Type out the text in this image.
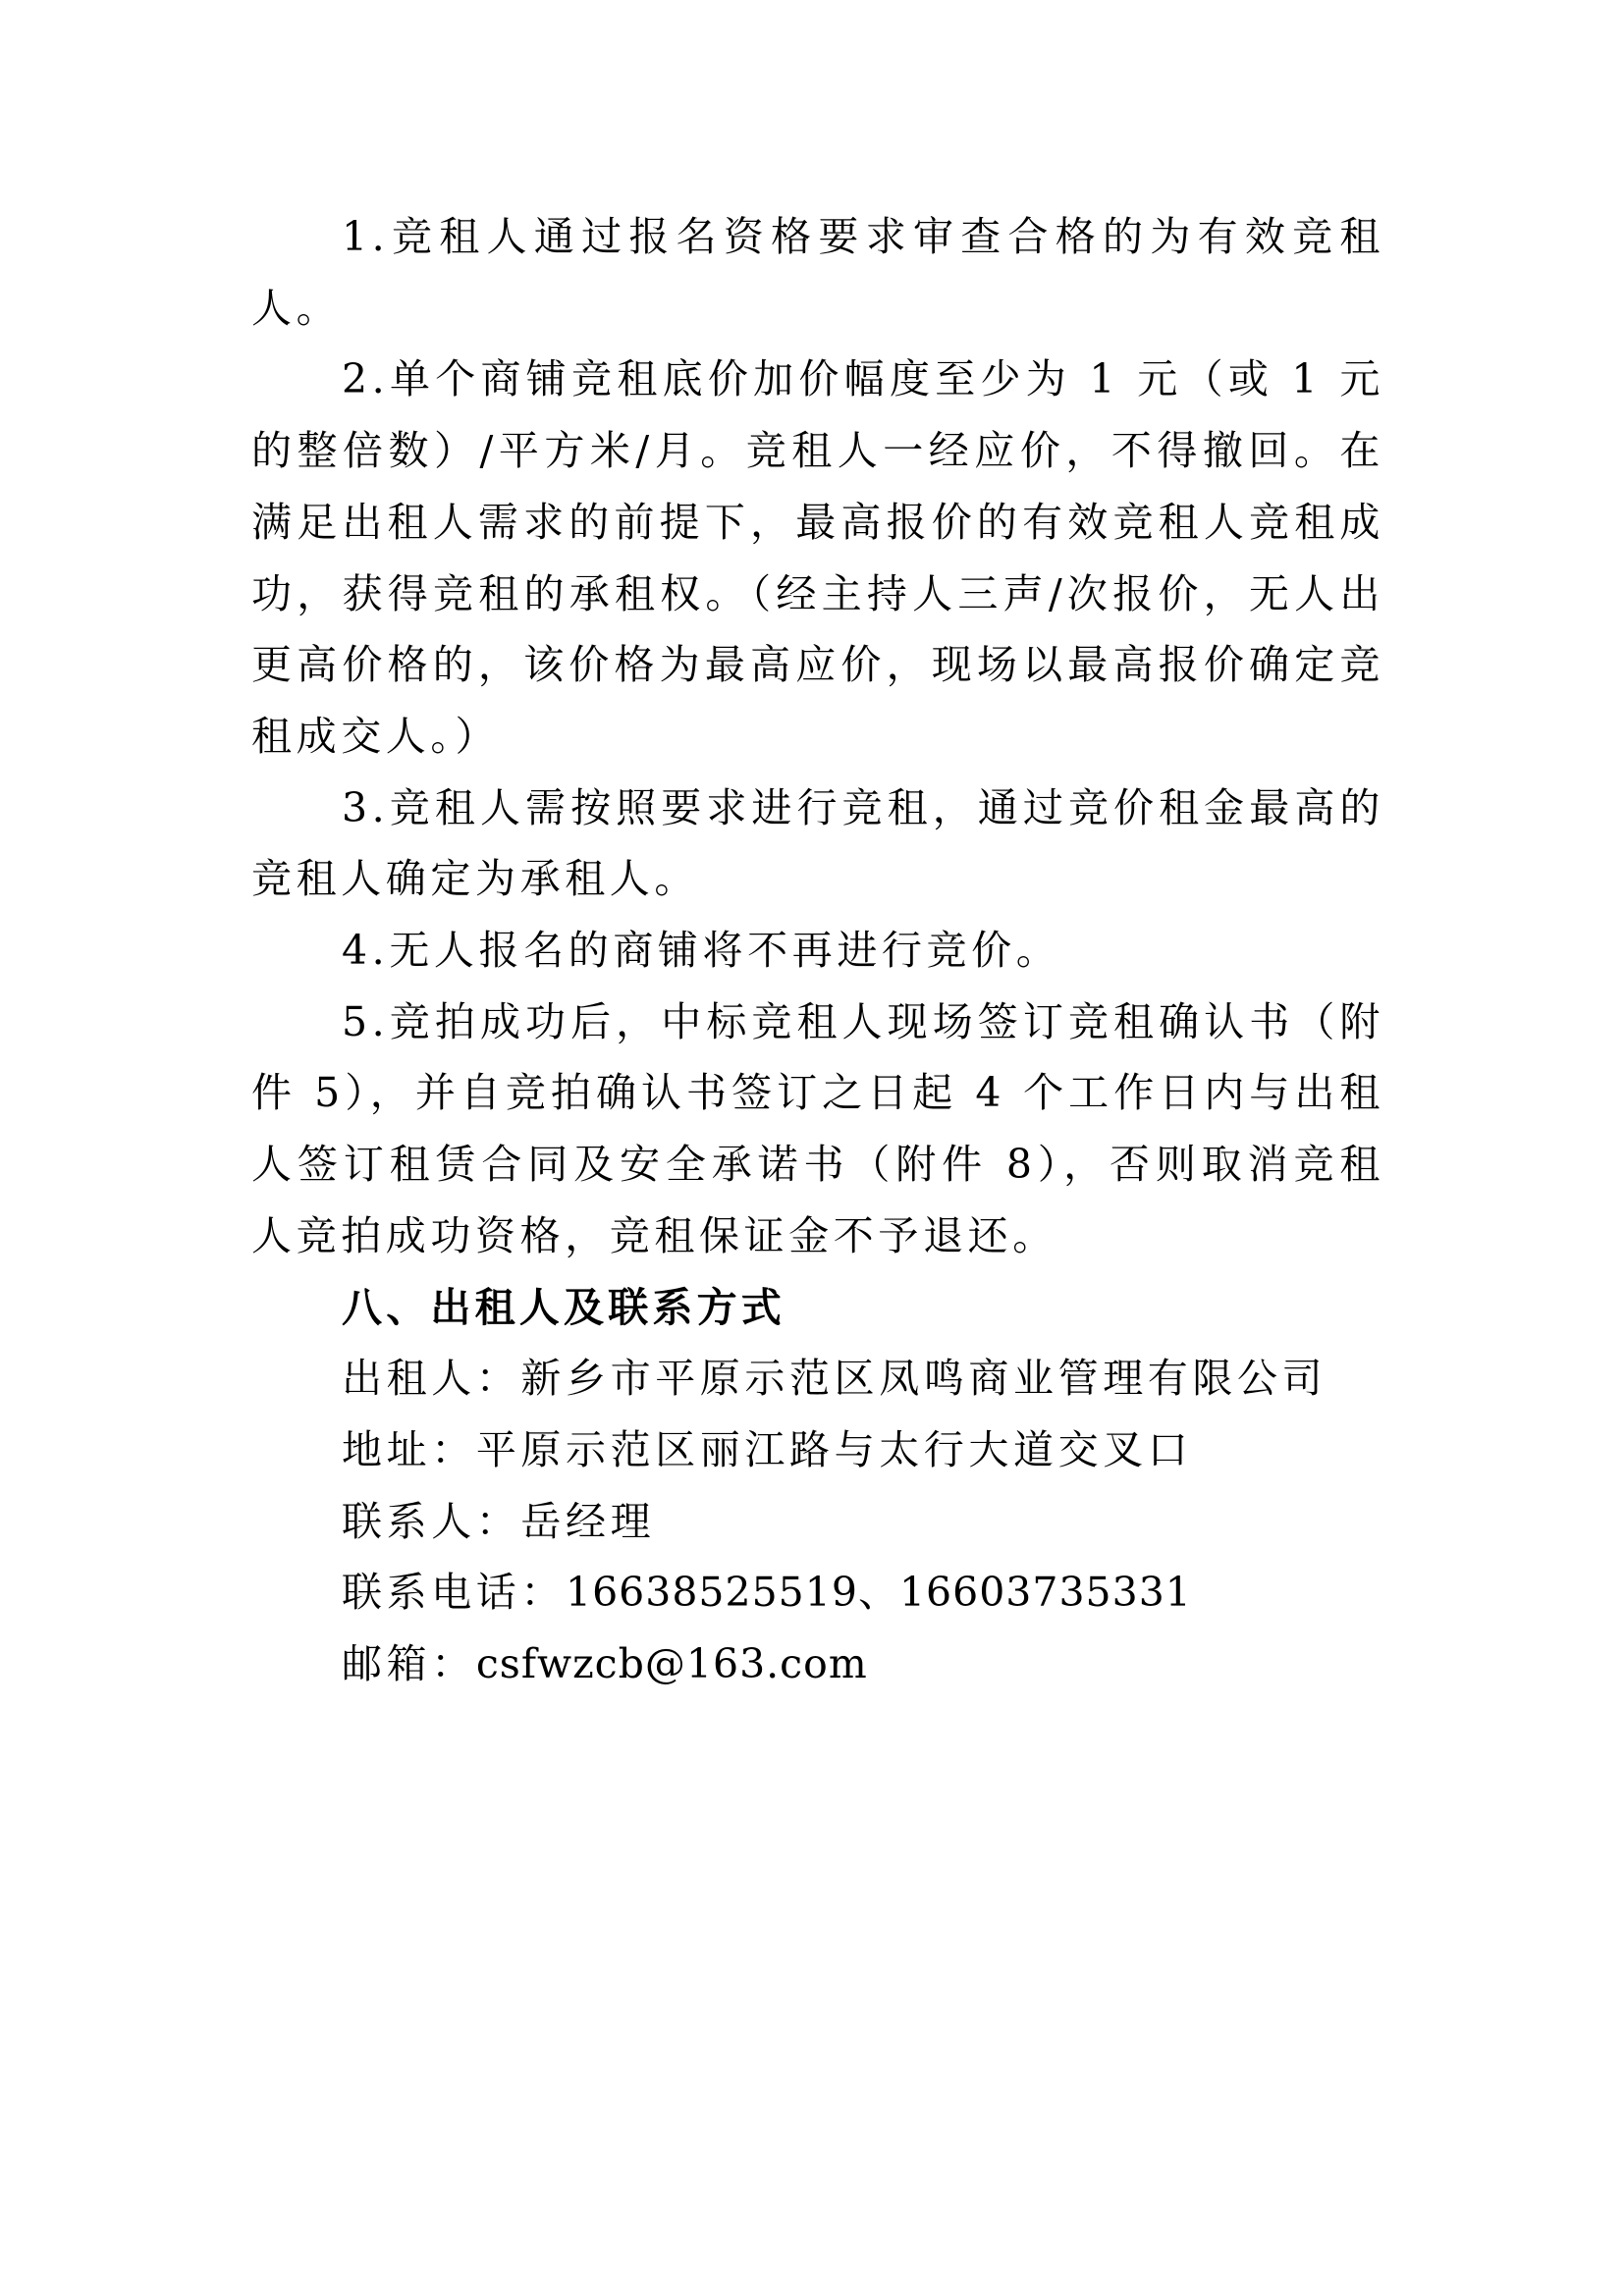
1.竞租人通过报名资格要求审查合格的为有效竞租人。

2.单个商铺竞租底价加价幅度至少为 1 元（或 1 元的整倍数）/平方米/月。竞租人一经应价，不得撤回。在满足出租人需求的前提下，最高报价的有效竞租人竞租成功，获得竞租的承租权。（经主持人三声/次报价，无人出更高价格的，该价格为最高应价，现场以最高报价确定竞租成交人。）

3.竞租人需按照要求进行竞租，通过竞价租金最高的竞租人确定为承租人。

4.无人报名的商铺将不再进行竞价。

5.竞拍成功后，中标竞租人现场签订竞租确认书（附件 5），并自竞拍确认书签订之日起 4 个工作日内与出租人签订租赁合同及安全承诺书（附件 8），否则取消竞租人竞拍成功资格，竞租保证金不予退还。

八、出租人及联系方式

出租人：新乡市平原示范区凤鸣商业管理有限公司

地址：平原示范区丽江路与太行大道交叉口

联系人：岳经理

联系电话：16638525519、16603735331

邮箱：csfwzcb@163.com
